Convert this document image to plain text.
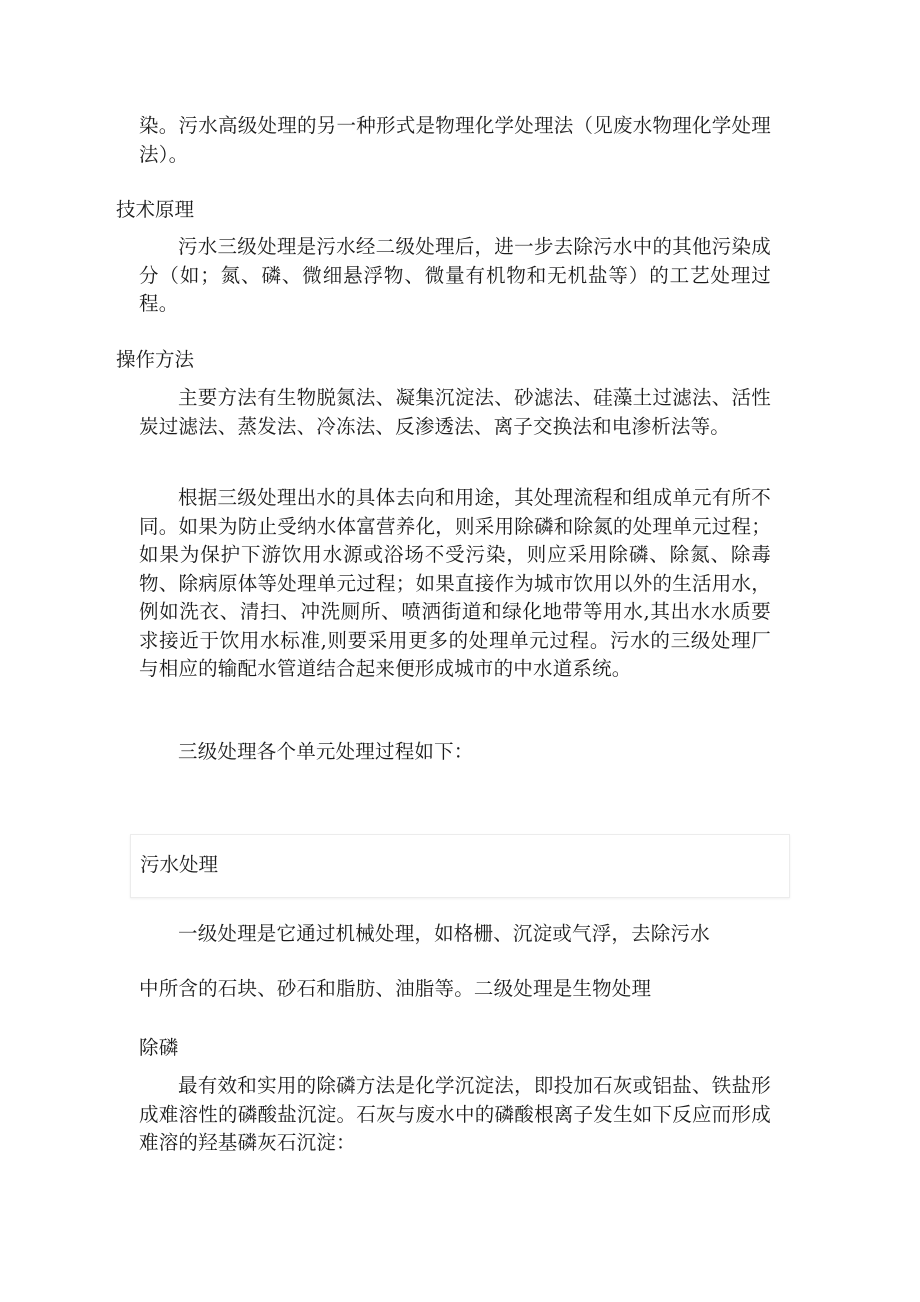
染。污水高级处理的另一种形式是物理化学处理法（见废水物理化学处理法）。

技术原理

污水三级处理是污水经二级处理后，进一步去除污水中的其他污染成分（如；氮、磷、微细悬浮物、微量有机物和无机盐等）的工艺处理过程。

操作方法

主要方法有生物脱氮法、凝集沉淀法、砂滤法、硅藻土过滤法、活性炭过滤法、蒸发法、冷冻法、反渗透法、离子交换法和电渗析法等。

根据三级处理出水的具体去向和用途，其处理流程和组成单元有所不同。如果为防止受纳水体富营养化，则采用除磷和除氮的处理单元过程；如果为保护下游饮用水源或浴场不受污染，则应采用除磷、除氮、除毒物、除病原体等处理单元过程；如果直接作为城市饮用以外的生活用水，例如洗衣、清扫、冲洗厕所、喷洒街道和绿化地带等用水,其出水水质要求接近于饮用水标准,则要采用更多的处理单元过程。污水的三级处理厂与相应的输配水管道结合起来便形成城市的中水道系统。

三级处理各个单元处理过程如下：

污水处理

一级处理是它通过机械处理，如格栅、沉淀或气浮，去除污水

中所含的石块、砂石和脂肪、油脂等。二级处理是生物处理

除磷

最有效和实用的除磷方法是化学沉淀法，即投加石灰或铝盐、铁盐形成难溶性的磷酸盐沉淀。石灰与废水中的磷酸根离子发生如下反应而形成难溶的羟基磷灰石沉淀：
